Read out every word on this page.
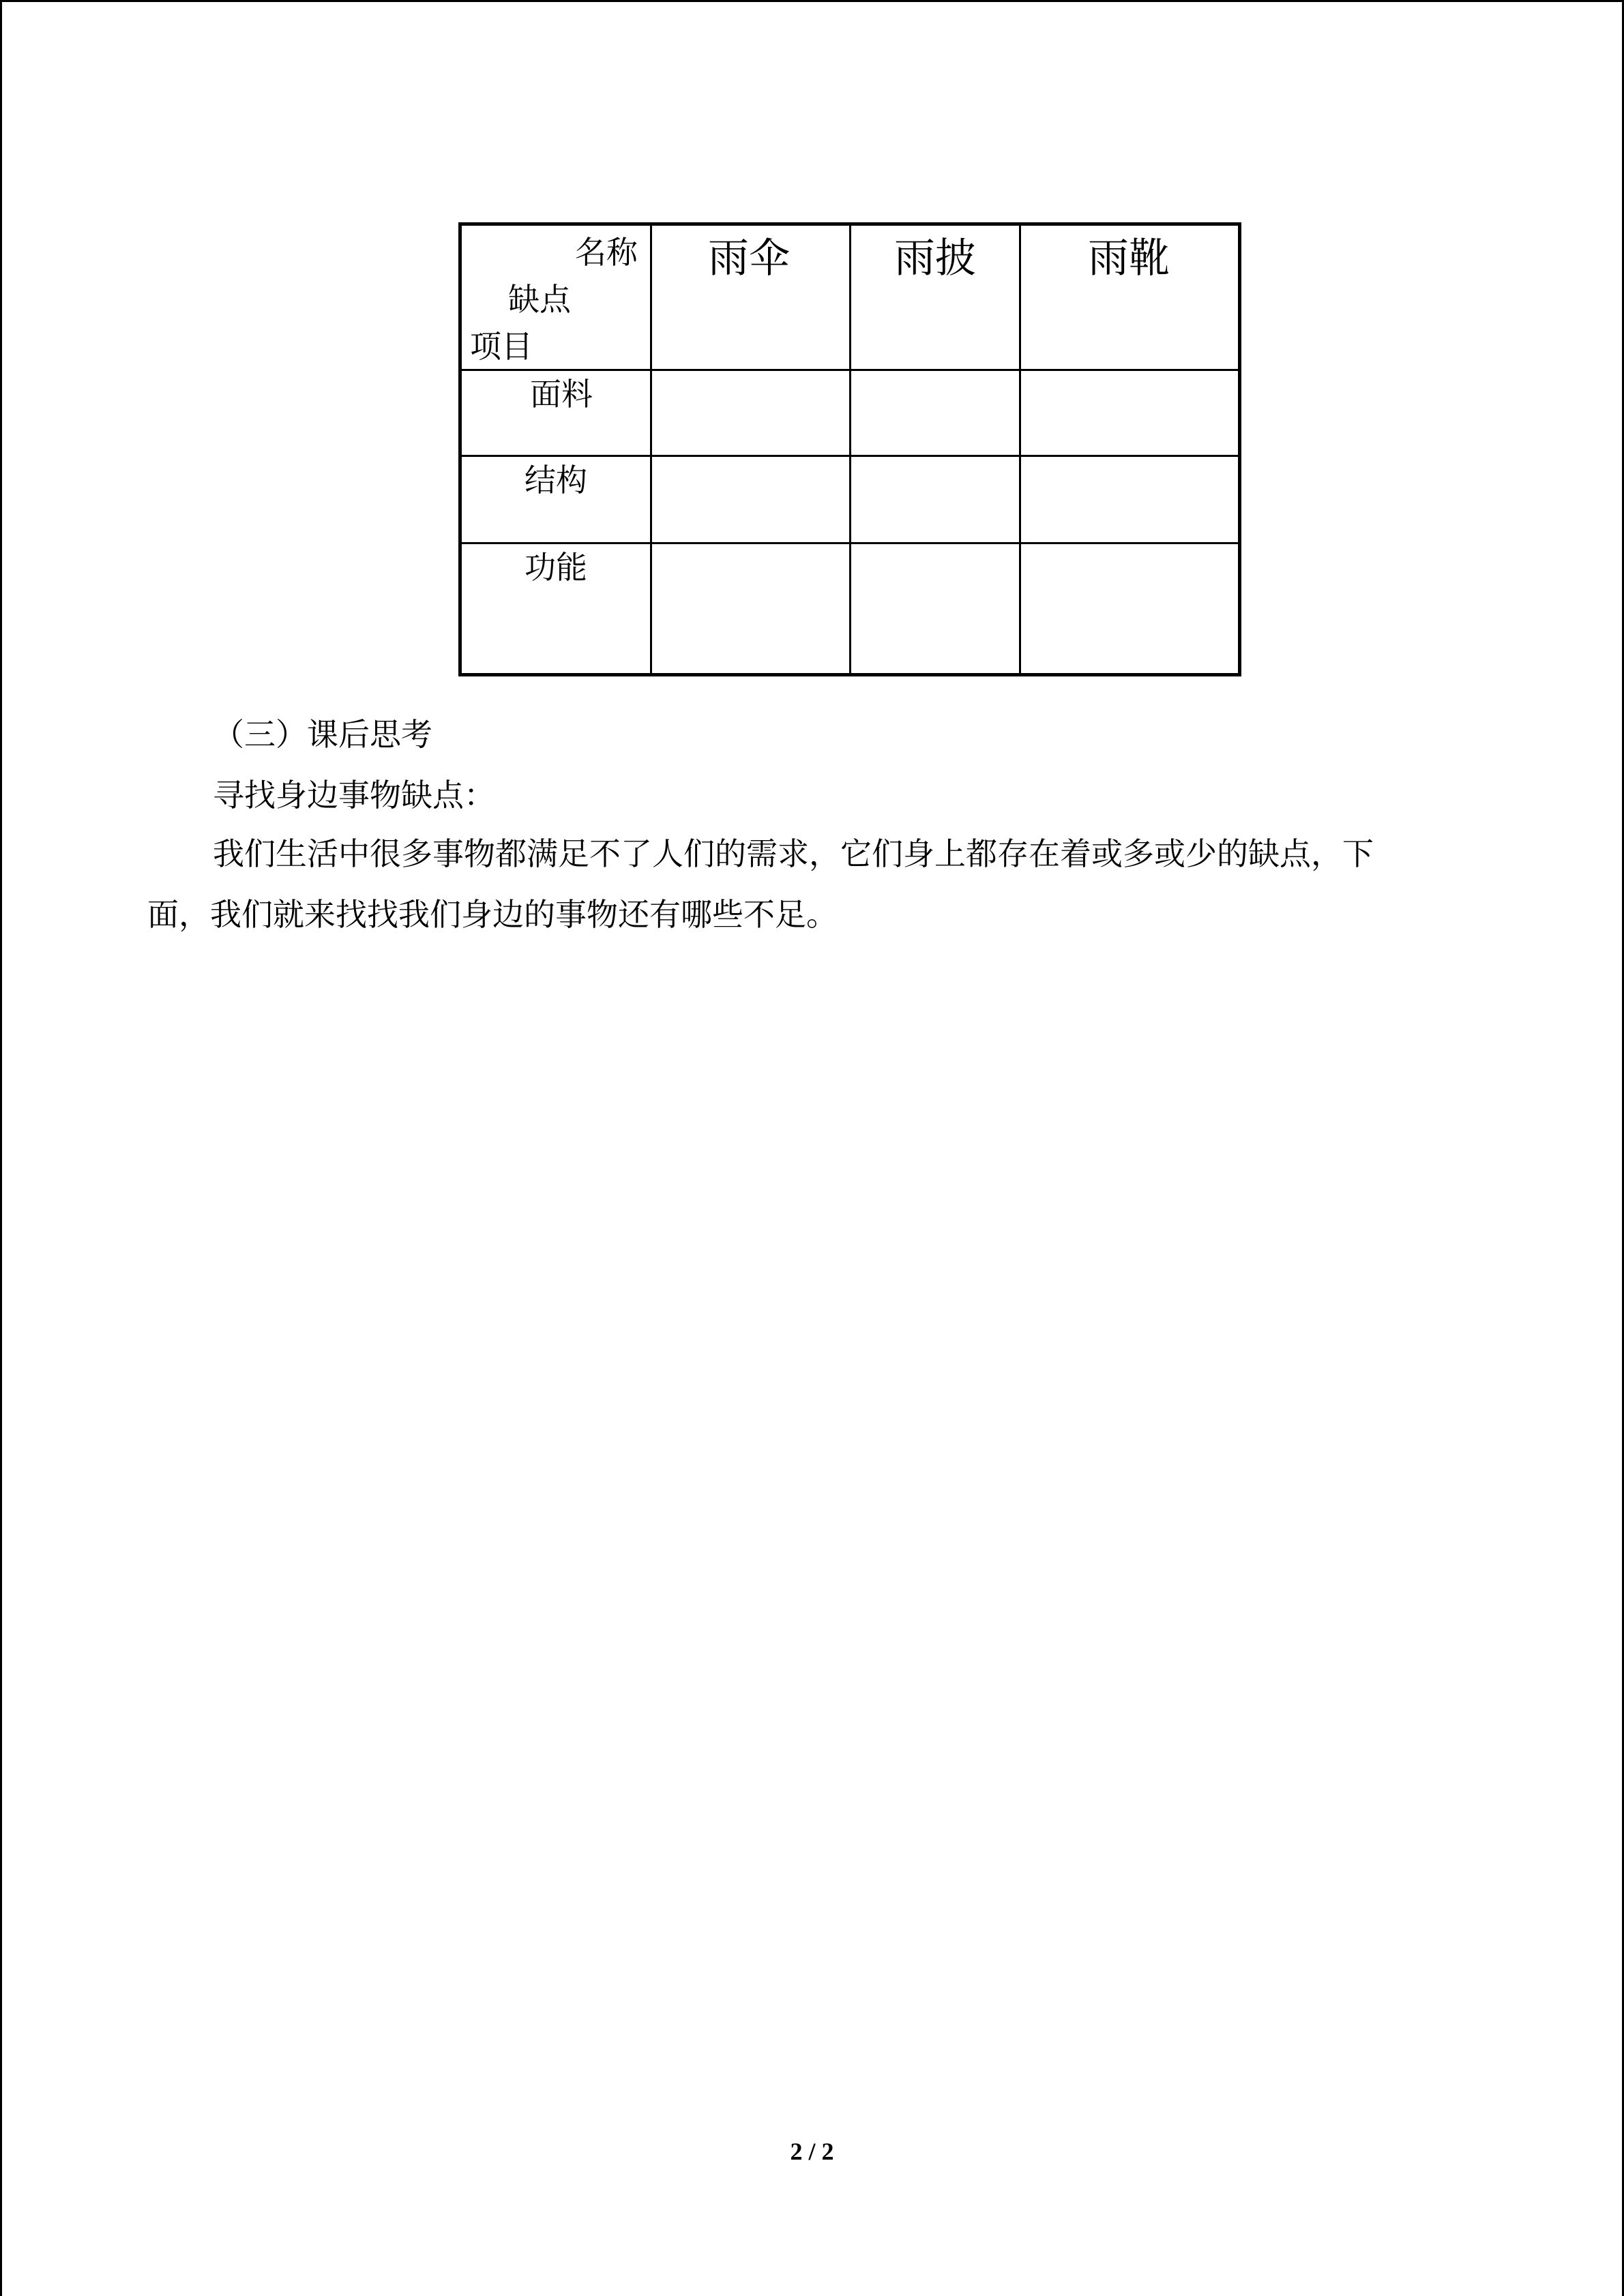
名称
缺点
项目
雨伞	雨披	雨靴
面料
结构
功能
（三）课后思考
寻找身边事物缺点：
我们生活中很多事物都满足不了人们的需求，它们身上都存在着或多或少的缺点，下
面，我们就来找找我们身边的事物还有哪些不足。
2 / 2
